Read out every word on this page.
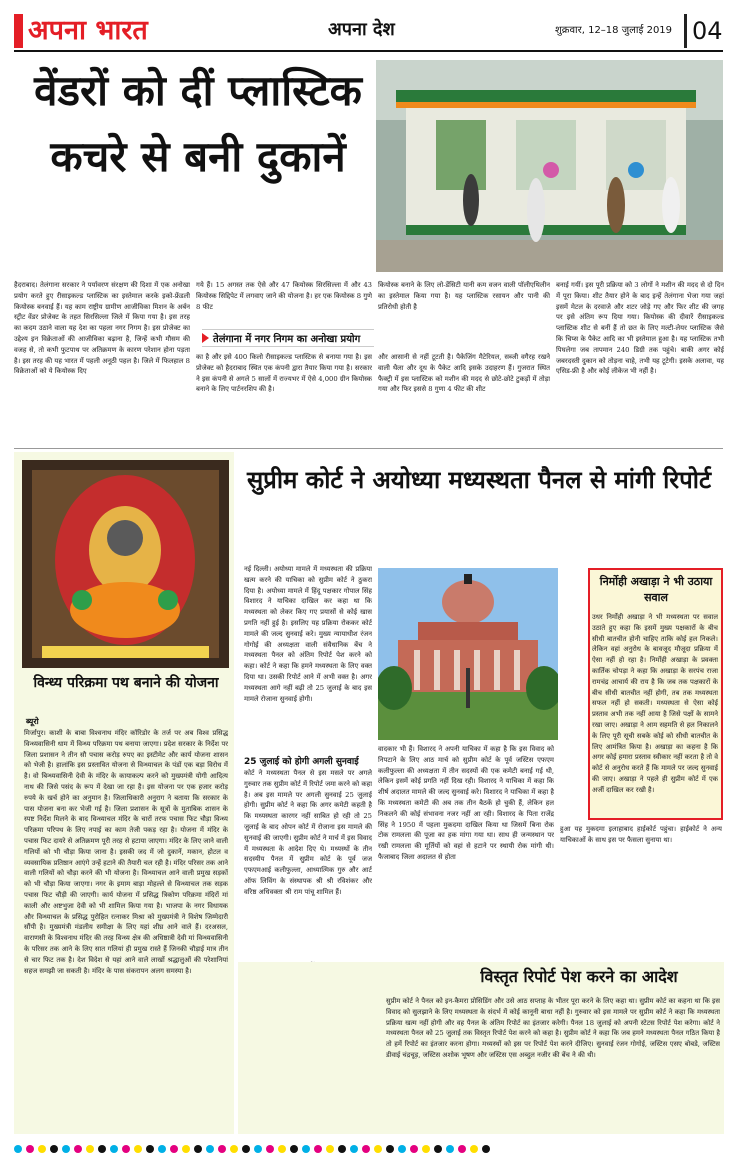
अपना भारत	अपना देश	शुक्रवार, 12–18 जुलाई 2019 04
वेंडरों को दीं प्लास्टिक कचरे से बनी दुकानें
हैदराबाद। तेलंगाना सरकार ने पर्यावरण संरक्षण की दिशा में एक अनोखा प्रयोग करते हुए रीसाइकल्ड प्लास्टिक का इस्तेमाल करके इको-फ्रेंडली कियोस्क बनवाई हैं। यह काम राष्ट्रीय ग्रामीण आजीविका मिशन के अर्बन स्ट्रीट वेंडर प्रोजेक्ट के तहत सिरसिल्ला जिले में किया गया है। इस तरह का कदम उठाने वाला यह देश का पहला नगर निगम है। इस प्रोजेक्ट का उद्देश्य इन विक्रेताओं की आजीविका बढ़ाना है, जिन्हें कभी मौसम की वजह से, तो कभी फुटपाथ पर अतिक्रमण के कारण परेशान होना पड़ता है। इस तरह की यह भारत में पहली अनूठी पहल है। जिले में फिलहाल 8 विक्रेताओं को ये कियोस्क दिए
गये हैं। 15 अगस्त तक ऐसे और 47 कियोस्क सिरसिल्ला में और 43 कियोस्क सिद्दिपेट में लगवाए जाने की योजना है। हर एक कियोस्क 8 गुणे 8 फीट
तेलंगाना में नगर निगम का अनोखा प्रयोग
का है और इसे 400 किलो रीसाइकल्ड प्लास्टिक से बनाया गया है। इस प्रोजेक्ट को हैदराबाद स्थित एक कंपनी द्वारा तैयार किया गया है। सरकार ने इस कंपनी से अगले 5 सालों में राज्यभर में ऐसे 4,000 ग्रीन कियोस्क बनाने के लिए पार्टनरशिप की है।
कियोस्क बनाने के लिए लो-डेंसिटी यानी कम वजन वाली पॉलीएथिलीन का इस्तेमाल किया गया है। यह प्लास्टिक रसायन और पानी की प्रतिरोधी होती है
और आसानी से नहीं टूटती है। पैकेजिंग मैटेरियल, सब्जी वगैरह रखने वाली थैला और दूध के पैकेट आदि इसके उदाहरण हैं। गुजरात स्थित फैक्ट्री में इस प्लास्टिक को मशीन की मदद से छोटे-छोटे टुकड़ों में तोड़ा गया और फिर इससे 8 गुणा 4 फीट की शीट
बनाई गयीं। इस पूरी प्रक्रिया को 3 लोगों ने मशीन की मदद से दो दिन में पूरा किया। शीट तैयार होने के बाद इन्हें तेलंगाना भेजा गया जहां इसमें मेटल के दरवाजे और शटर जोड़े गए और फिर शीट की जगह पर इसे अंतिम रूप दिया गया। कियोस्क की दीवारें रीसाइकल्ड प्लास्टिक शीट से बनीं हैं तो छत के लिए मल्टी-लेयर प्लास्टिक जैसे कि चिप्स के पैकेट आदि का भी इस्तेमाल हुआ है। यह प्लास्टिक तभी पिघलेगा जब तापमान 240 डिग्री तक पहुंचे। बाकी अगर कोई जबरदस्ती दुकान को तोड़ना चाहे, तभी यह टूटेगी। इसके अलावा, यह एसिड-फ्री है और कोई लीकेज भी नहीं है।
विन्ध्य परिक्रमा पथ बनाने की योजना
ब्यूरो
मिर्जापुर। काशी के बाबा विश्वनाथ मंदिर कॉरिडोर के तर्ज पर अब विश्व प्रसिद्ध विन्ध्यवासिनी धाम में विन्ध्य परिक्रमा पथ बनाया जाएगा। प्रदेश सरकार के निर्देश पर जिला प्रशासन ने तीन सौ पचास करोड़ रुपए का इस्टीमेट और कार्य योजना शासन को भेजी है। हालांकि इस प्रस्तावित योजना से विन्ध्याचल के पंडों एक बड़ा विरोध में है। वो बिन्ध्यवासिनी देवी के मंदिर के कायाकल्प करने को मुख्यमंत्री योगी आदित्य नाथ की जिसे पसंद के रूप में देखा जा रहा है। इस योजना पर एक हजार करोड़ रुपये के खर्च होने का अनुमान है। जिलाधिकारी अनुराग ने बताया कि सरकार के पास योजना बना कर भेजी गई है। जिला प्रशासन के सूत्रों के मुताबिक शासन के स्पष्ट निर्देश मिलने के बाद विन्ध्याचल मंदिर के चारों तरफ पचास फिट चौड़ा विन्ध्य परिक्रमा परिपथ के लिए नपाई का काम तेजी पकड़ रहा है। योजना में मंदिर के पचास फिट दायरे से अतिक्रमण पूरी तरह से हटाया जाएगा। मंदिर के लिए जाने वाली गलियों को भी चौड़ा किया जाना है। इसकी जद में जो दुकानें, मकान, होटल व व्यवसायिक प्रतिष्ठान आएंगे उन्हें हटाने की तैयारी चल रही है। मंदिर परिसर तक आने वाली गलियों को चौड़ा करने की भी योजना है। विन्ध्याचल आने वाली प्रमुख सड़कों को भी चौड़ा किया जाएगा। नगर के इमाम बाड़ा मोहल्ले से विन्ध्याचल तक सड़क पचास फिट चौड़ी की जाएगी। कार्य योजना में प्रसिद्ध त्रिकोण परिक्रमा मंदिरों मां काली और अष्टभुजा देवी को भी शामिल किया गया है। भाजपा के नगर विधायक और विन्ध्याचल के प्रसिद्ध पुरोहित रत्नाकर मिश्रा को मुख्यमंत्री ने विशेष जिम्मेदारी सौंपी है। मुख्यमंत्री मंडलीय समीक्षा के लिए यहां शीघ्र आने वाले हैं। दरअसल, वाराणसी के विश्वनाथ मंदिर की तरह विन्ध्य क्षेत्र की अधिष्ठात्री देवी मां विन्ध्यवासिनी के परिसर तक आने के लिए सात गलियां ही प्रमुख रास्ते हैं जिनकी चौड़ाई मात्र तीन से चार फिट तक है। देश विदेश से यहां आने वाले लाखों श्रद्धालुओं की परेशानियां सहज समझी जा सकती है। मंदिर के पास संकरापन अलग समस्या है।
सुप्रीम कोर्ट ने अयोध्या मध्यस्थता पैनल से मांगी रिपोर्ट
नई दिल्ली। अयोध्या मामले में मध्यस्थता की प्रक्रिया खत्म करने की याचिका को सुप्रीम कोर्ट ने ठुकरा दिया है। अयोध्या मामले में हिंदू पक्षकार गोपाल सिंह विशारद ने याचिका दाखिल कर कहा था कि मध्यस्थता को लेकर किए गए प्रयासों से कोई खास प्रगति नहीं हुई है। इसलिए यह प्रक्रिया रोककर कोर्ट मामले की जल्द सुनवाई करे। मुख्य न्यायाधीश रंजन गोगोई की अध्यक्षता वाली संवैधानिक बेंच ने मध्यस्थता पैनल को अंतिम रिपोर्ट पेश करने को कहा। कोर्ट ने कहा कि हमने मध्यस्थता के लिए वक्त दिया था। उसकी रिपोर्ट आने में अभी वक्त है। अगर मध्यस्थता आगे नहीं बढ़ी तो 25 जुलाई के बाद इस मामले रोजाना सुनवाई होगी।
25 जुलाई को होगी अगली सुनवाई
कोर्ट ने मध्यस्थता पैनल से इस मसले पर अगले गुरुवार तक सुप्रीम कोर्ट में रिपोर्ट जमा करने को कहा है। अब इस मामले पर अगली सुनवाई 25 जुलाई होगी। सुप्रीम कोर्ट ने कहा कि अगर कमेटी कहती है कि मध्यस्थता कारगर नहीं साबित हो रही तो 25 जुलाई के बाद ओपन कोर्ट में रोजाना इस मामले की सुनवाई की जाएगी। सुप्रीम कोर्ट ने मार्च में इस विवाद में मध्यस्थता के आदेश दिए थे। मध्यस्थों के तीन सदस्यीय पैनल में सुप्रीम कोर्ट के पूर्व जज एफएमआई कलीफुल्ला, आध्यात्मिक गुरु और आर्ट ऑफ लिविंग के संस्थापक श्री श्री रविशंकर और वरिष्ठ अधिवक्ता श्री राम पांचू शामिल हैं।
वादकार भी हैं। विशारद ने अपनी याचिका में कहा है कि इस विवाद को निपटाने के लिए आठ मार्च को सुप्रीम कोर्ट के पूर्व जस्टिस एफएम कलीफुल्ला की अध्यक्षता में तीन सदस्यों की एक कमेटी बनाई गई थी, लेकिन इसमें कोई प्रगति नहीं दिख रही। विशारद ने याचिका में कहा कि शीर्ष अदालत मामले की जल्द सुनवाई करे। विशारद ने याचिका में कहा है कि मध्यस्थता कमेटी की अब तक तीन बैठकें हो चुकी हैं, लेकिन हल निकलने की कोई संभावना नजर नहीं आ रही। विशारद के पिता राजेंद्र सिंह ने 1950 में पहला मुकदमा दाखिल किया था जिसमें बिना रोक टोक रामलला की पूजा का हक मांगा गया था। साथ ही जन्मस्थान पर रखी रामलला की मूर्तियों को वहां से हटाने पर स्थायी रोक मांगी थी। फैजाबाद जिला अदालत से होता
निर्मोही अखाड़ा ने भी उठाया सवाल
उधर निर्मोही अखाड़ा ने भी मध्यस्थता पर सवाल उठाते हुए कहा कि इसमें मुख्य पक्षकारों के बीच सीधी बातचीत होनी चाहिए ताकि कोई हल निकले। लेकिन वहां अनुरोध के बावजूद मौजूदा प्रक्रिया में ऐसा नहीं हो रहा है। निर्मोही अखाड़ा के प्रवक्ता कार्तिक चोपड़ा ने कहा कि अखाड़ा के सरपंच राजा रामचंद्र आचार्य की राय है कि जब तक पक्षकारों के बीच सीधी बातचीत नहीं होगी, तब तक मध्यस्थता सफल नहीं हो सकती। मध्यस्थता से ऐसा कोई प्रस्ताव अभी तक नहीं आया है जिसे पक्षों के सामने रखा जाए। अखाड़ा ने आम सहमति से हल निकालने के लिए पूरी सूची सबके कोई को सीधी बातचीत के लिए आमंत्रित किया है। अखाड़ा का कहना है कि अगर कोई हमारा प्रस्ताव स्वीकार नहीं करता है तो वे कोर्ट से अनुरोध करते हैं कि मामले पर जल्द सुनवाई की जाए। अखाड़ा ने पहले ही सुप्रीम कोर्ट में एक अर्जी दाखिल कर रखी है।
हुआ यह मुकदमा इलाहाबाद हाईकोर्ट पहुंचा। हाईकोर्ट ने अन्य याचिकाओं के साथ इस पर फैसला सुनाया था।
विस्तृत रिपोर्ट पेश करने का आदेश
सुप्रीम कोर्ट ने पैनल को इन-कैमरा प्रोसिडिंग और उसे आठ सप्ताह के भीतर पूरा करने के लिए कहा था। सुप्रीम कोर्ट का कहना था कि इस विवाद को सुलझाने के लिए मध्यस्थता के संदर्भ में कोई कानूनी बाधा नहीं है। गुरुवार को इस मामले पर सुप्रीम कोर्ट ने कहा कि मध्यस्थता प्रक्रिया खत्म नहीं होगी और वह पैनल के अंतिम रिपोर्ट का इंतजार करेगी। पैनल 18 जुलाई को अपनी स्टेटस रिपोर्ट पेश करेगा। कोर्ट ने मध्यस्थता पैनल को 25 जुलाई तक विस्तृत रिपोर्ट पेश करने को कहा है। सुप्रीम कोर्ट ने कहा कि जब हमने मध्यस्थता पैनल गठित किया है तो हमें रिपोर्ट का इंतजार करना होगा। मध्यस्थों को इस पर रिपोर्ट पेश करने दीजिए। सुनवाई रंजन गोगोई, जस्टिस एसए बोबडे, जस्टिस डीवाई चंद्रचूड़, जस्टिस अशोक भूषण और जस्टिस एस अब्दुल नजीर की बेंच ने की थी।
